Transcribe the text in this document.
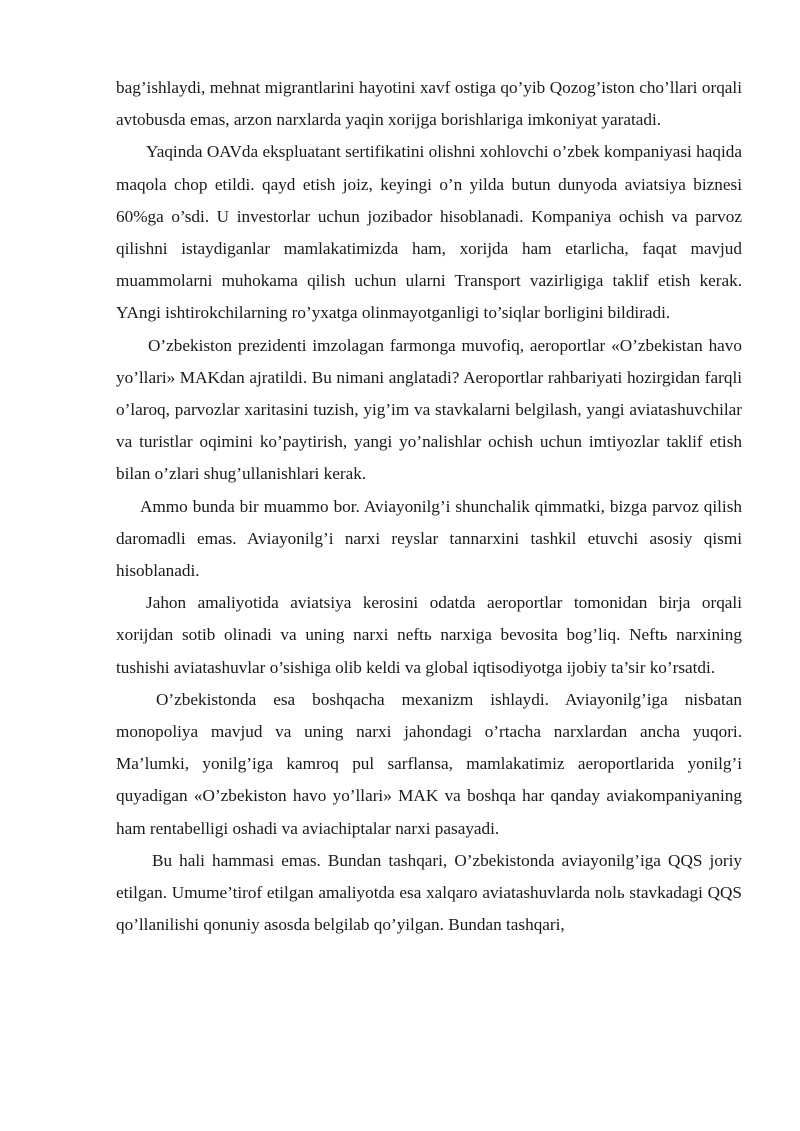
bag’ishlaydi, mehnat migrantlarini hayotini xavf ostiga qo’yib Qozog’iston cho’llari orqali avtobusda emas, arzon narxlarda yaqin xorijga borishlariga imkoniyat yaratadi.

Yaqinda OAVda ekspluatant sertifikatini olishni xohlovchi o’zbek kompaniyasi haqida maqola chop etildi. qayd etish joiz, keyingi o’n yilda butun dunyoda aviatsiya biznesi 60%ga o’sdi. U investorlar uchun jozibador hisoblanadi. Kompaniya ochish va parvoz qilishni istaydiganlar mamlakatimizda ham, xorijda ham etarlicha, faqat mavjud muammolarni muhokama qilish uchun ularni Transport vazirligiga taklif etish kerak. YAngi ishtirokchilarning ro’yxatga olinmayotganligi to’siqlar borligini bildiradi.

O’zbekiston prezidenti imzolagan farmonga muvofiq, aeroportlar «O’zbekistan havo yo’llari» MAKdan ajratildi. Bu nimani anglatadi? Aeroportlar rahbariyati hozirgidan farqli o’laroq, parvozlar xaritasini tuzish, yig’im va stavkalarni belgilash, yangi aviatashuvchilar va turistlar oqimini ko’paytirish, yangi yo’nalishlar ochish uchun imtiyozlar taklif etish bilan o’zlari shug’ullanishlari kerak.

Ammo bunda bir muammo bor. Aviayonilg’i shunchalik qimmatki, bizga parvoz qilish daromadli emas. Aviayonilg’i narxi reyslar tannarxini tashkil etuvchi asosiy qismi hisoblanadi.

Jahon amaliyotida aviatsiya kerosini odatda aeroportlar tomonidan birja orqali xorijdan sotib olinadi va uning narxi neftь narxiga bevosita bog’liq. Neftь narxining tushishi aviatashuvlar o’sishiga olib keldi va global iqtisodiyotga ijobiy ta’sir ko’rsatdi.

O’zbekistonda esa boshqacha mexanizm ishlaydi. Aviayonilg’iga nisbatan monopoliya mavjud va uning narxi jahondagi o’rtacha narxlardan ancha yuqori. Ma’lumki, yonilg’iga kamroq pul sarflansa, mamlakatimiz aeroportlarida yonilg’i quyadigan «O’zbekiston havo yo’llari» MAK va boshqa har qanday aviakompaniyaning ham rentabelligi oshadi va aviachiptalar narxi pasayadi.

Bu hali hammasi emas. Bundan tashqari, O’zbekistonda aviayonilg’iga QQS joriy etilgan. Umume’tirof etilgan amaliyotda esa xalqaro aviatashuvlarda nolь stavkadagi QQS qo’llanilishi qonuniy asosda belgilab qo’yilgan. Bundan tashqari,
